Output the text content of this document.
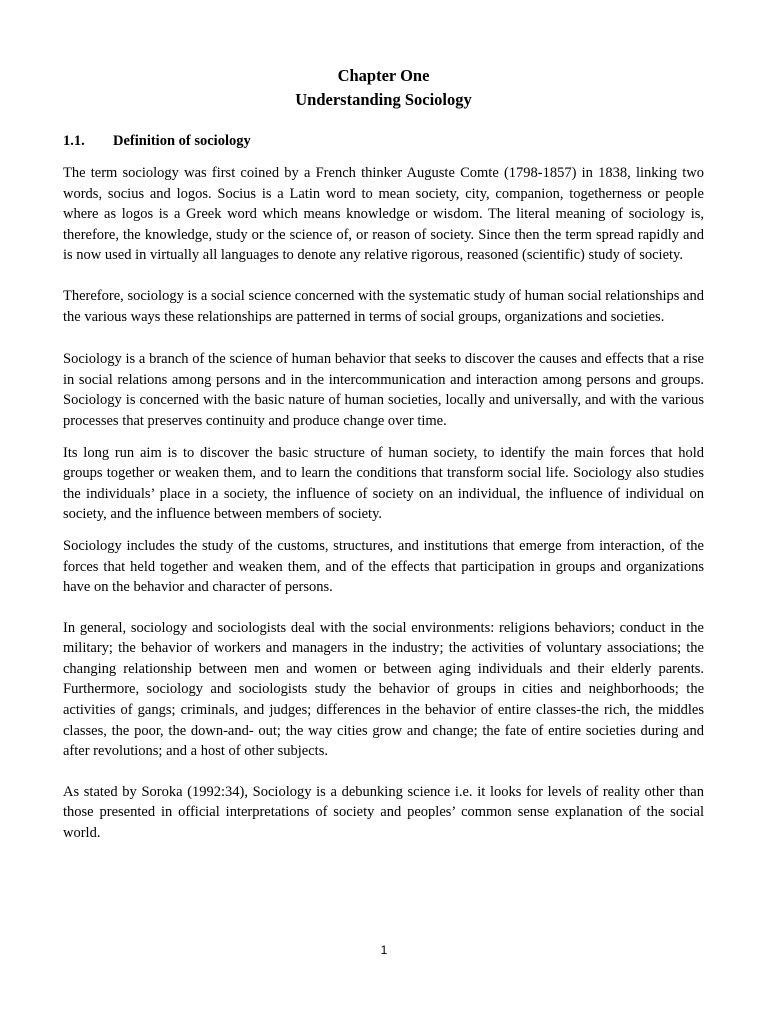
Chapter One
Understanding Sociology
1.1.	Definition of sociology

The term sociology was first coined by a French thinker Auguste Comte (1798-1857) in 1838, linking two words, socius and logos. Socius is a Latin word to mean society, city, companion, togetherness or people where as logos is a Greek word which means knowledge or wisdom. The literal meaning of sociology is, therefore, the knowledge, study or the science of, or reason of society. Since then the term spread rapidly and is now used in virtually all languages to denote any relative rigorous, reasoned (scientific) study of society.

Therefore, sociology is a social science concerned with the systematic study of human social relationships and the various ways these relationships are patterned in terms of social groups, organizations and societies.

Sociology is a branch of the science of human behavior that seeks to discover the causes and effects that a rise in social relations among persons and in the intercommunication and interaction among persons and groups. Sociology is concerned with the basic nature of human societies, locally and universally, and with the various processes that preserves continuity and produce change over time.

Its long run aim is to discover the basic structure of human society, to identify the main forces that hold groups together or weaken them, and to learn the conditions that transform social life. Sociology also studies the individuals’ place in a society, the influence of society on an individual, the influence of individual on society, and the influence between members of society.

Sociology includes the study of the customs, structures, and institutions that emerge from interaction, of the forces that held together and weaken them, and of the effects that participation in groups and organizations have on the behavior and character of persons.

In general, sociology and sociologists deal with the social environments: religions behaviors; conduct in the military; the behavior of workers and managers in the industry; the activities of voluntary associations; the changing relationship between men and women or between aging individuals and their elderly parents. Furthermore, sociology and sociologists study the behavior of groups in cities and neighborhoods; the activities of gangs; criminals, and judges; differences in the behavior of entire classes-the rich, the middles classes, the poor, the down-and- out; the way cities grow and change; the fate of entire societies during and after revolutions; and a host of other subjects.

As stated by Soroka (1992:34), Sociology is a debunking science i.e. it looks for levels of reality other than those presented in official interpretations of society and peoples’ common sense explanation of the social world.

1
